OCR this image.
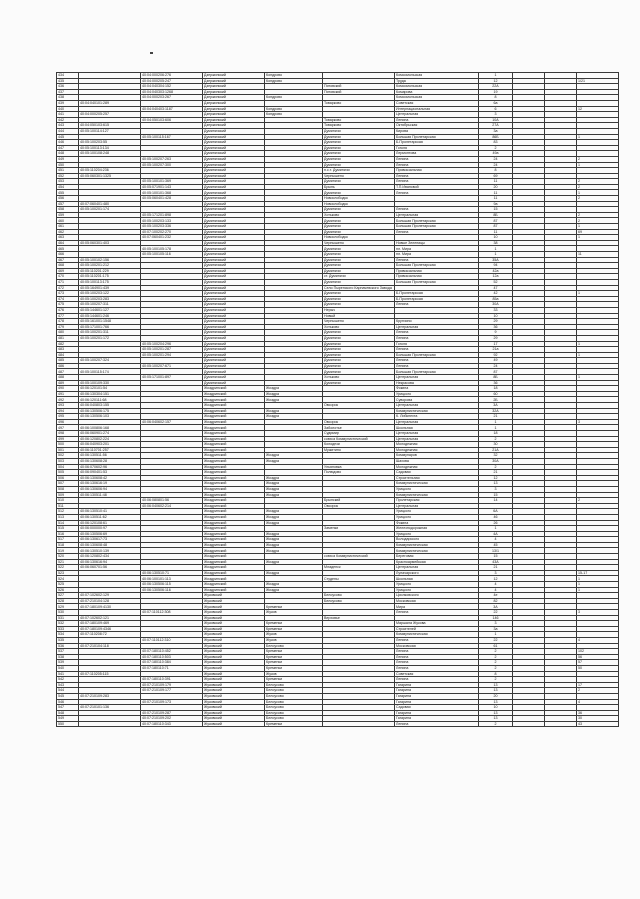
434		40:04:000206:276	Дзержинский	Кондрово		Комсомольская	1			
435		40:04:000205:247	Дзержинский	Кондрово		Труда	12			1/21
436		40:04:040304:152	Дзержинский		Пятовский	Комсомольская	22А			
437		40:04:040303:1268	Дзержинский		Пятовский	Комарова	19			
438		40:04:000203:267	Дзержинский	Кондрово		Комсомольская	8			
439	40:04:040101:289		Дзержинский		Товарково	Советская	6а			
440		40:04:040403:1187	Дзержинский	Кондрово		Интернациональная	6			12
441	40:04:000205:257		Дзержинский	Кондрово		Центральная	3			
442		40:04:050103:606	Дзержинский		Товарково	Ленина	10А			
443	40:04:050103:615		Дзержинский		Товарково	Октябрьская	27А			
444	40:05:100114:127		Думиничский		Думиничи	Кирова	3а			
445		40:05:100115:167	Думиничский		Думиничи	Большая Пролетарская	86Б			1
446	40:05:100203:55		Думиничский		Думиничи	Б.Пролетарская	83			
447	40:05:100113:134		Думиничский		Думиничи	Гоголя	2			
448	40:05:100108:248		Думиничский		Думиничи	Лермонтова	49а			
449		40:05:100207:263	Думиничский		Думиничи	Ленина	24			2
450		40:05:100207:300	Думиничский		Думиничи	Ленина	24			1
451	40:05:110204:236		Думиничский		п.с.т. Думиничи	Привокзальная	8			
452	40:05:060301:1325		Думиничский		Чернышено	Ленина	69			
453		40:05:100101:369	Думиничский		Думиничи	Ленина	11			2
454		40:05:071901:143	Думиничский		Брынь	Т.П.Ивановой	20			2
455		40:05:100101:368	Думиничский		Думиничи	Ленина	11			1
456		40:05:060401:428	Думиничский		Новослободск		11			2
457	40:07:060401:480		Думиничский		Новослободск		9а			
458	40:05:100201:174		Думиничский		Думиничи	Ленина	15			
459		40:05:171201:898	Думиничский		Хотьково	Центральная	8Б			2
460		40:05:100203:133	Думиничский		Думиничи	Большая Пролетарская	87			2
461		40:05:100203:336	Думиничский		Думиничи	Большая Пролетарская	87			1
462		40:07:100202:270	Думиничский		Думиничи	Ленина	11			69
463		40:07:060401:232	Думиничский		Новослободск		10			1
464	40:05:060301:403		Думиничский		Чернышено	Новые Зеленицы	38			
465		40:05:100105:178	Думиничский		Думиничи	пл. Мира	1			
466		40:05:100105:116	Думиничский		Думиничи	пл. Мира	1			11
467	40:05:100102:156		Думиничский		Думиничи	Ленина	35А			
468	40:05:100201:212		Думиничский		Думиничи	Большая Пролетарская	94			
469	40:05:110201:229		Думиничский		Думиничи	Привокзальная	42а			
470	40:05:110201:175		Думиничский		ст. Думиничи	Привокзальная	12а			
471	40:05:100113:175		Думиничский		Думиничи	Большая Пролетарская	52			
472	40:05:164901:439		Думиничский		Село Пыренского Карначевского Завода		47			
473	40:05:100203:122		Думиничский		Думиничи	Б.Пролетарская	42			1
474	40:05:100203:283		Думиничский		Думиничи	Б.Пролетарская	85а			
475	40:05:100207:311		Думиничский		Думиничи	Ленина	30А			
476	40:05:144601:127		Думиничский		Нерыч		33			
477	40:05:144601:246		Думиничский		Новый		10			
478	40:05:161001:1548		Думиничский		Чернышено	Крупчино	29			
479	40:05:171001:766		Думиничский		Хотьково	Центральная	36			
480	40:05:100201:311		Думиничский		Думиничи	Ленина	9			
481	40:05:100201:172		Думиничский		Думиничи	Ленина	29			
482		40:05:100204:296	Думиничский		Думиничи	Гоголя	17			1
483		40:05:100201:287	Думиничский		Думиничи	Ленина	21а			
484		40:05:100201:294	Думиничский		Думиничи	Большая Пролетарская	92			1
485	40:05:100207:324		Думиничский		Думиничи	Ленина	49			
486		40:05:100207:671	Думиничский		Думиничи	Ленина	24			
487	40:05:100115:174		Думиничский		Думиничи	Большая Пролетарская	87			
488		40:05:171001:897	Думиничский		Хотьково	Центральная	8Б			1
489	40:05:100109:330		Думиничский		Думиничи	Некрасова	36			
490	40:06:120101:54		Жиздринский	Жиздра		Фокина	18			
491	40:06:130304:151		Жиздринский	Жиздра		Урицкого	60			
492	40:06:120111:68		Жиздринский	Жиздра		Суворова	2Б			
493	40:06:040803:155		Жиздринский		Овсорок	Центральная	3А			
494	40:06:130506:175		Жиздринский	Жиздра		Коммунистическая	32А			
495	40:06:130506:103		Жиздринский	Жиздра		К. Либкнехта	21			
496		40:06:040602:157	Жиздринский		Овсорок	Центральная	1			3
497	40:06:100806:168		Жиздринский		Заболотье	Школьная	1			
498	40:06:060901:274		Жиздринский		Судимир	Центральная	18			
499	40:06:120802:224		Жиздринский		совхоз Коммунистический	Центральная	2			
500	40:06:040903:201		Жиздринский		Колодези	Молодежная	30			
501	40:06:110701:257		Жиздринский		Мужитино	Молодежная	21А			
502	40:06:130511:56		Жиздринский	Жиздра		Коммунаров	32			
503	40:06:130608:28		Жиздринский	Жиздра		Шахова	30А			
504	40:06:070602:96		Жиздринский		Ульяновка	Молодежная	2			
505	40:06:090401:53		Жиздринский		Полюдово	Садовая	21			
506	40:06:130608:42		Жиздринский	Жиздра		Строительная	12			
507	40:06:130616:19		Жиздринский	Жиздра		Коммунистическая	13			
508	40:06:130606:94		Жиздринский	Жиздра		Урицкого	3			
509	40:06:130511:48		Жиздринский	Жиздра		Коммунистическая	15			
510		40:06:080801:56	Жиздринский		Брынский	Пролетарская	14			2
511		40:06:040602:214	Жиздринский		Овсорок	Центральная				
512	40:06:130510:41		Жиздринский	Жиздра		Урицкого	6А			
513	40:06:130511:62		Жиздринский	Жиздра		Урицкого	46			
514	40:06:120108:61		Жиздринский	Жиздра		Фокина	26			
515	40:06:000000:97		Жиздринский		Заменки	Железнодорожная	1			
516	40:06:130506:69		Жиздринский	Жиздра		Урицкого	4А			
517	40:06:130617:73		Жиздринский	Жиздра		Володарского	4			
518	40:06:130608:48		Жиздринский	Жиздра		Коммунистическая	45			
519	40:06:130510:139		Жиздринский	Жиздра		Коммунистическая	13/1			
520	40:06:120802:434		Жиздринский		совхоз Коммунистический	Береговая	15			
521	40:06:130616:94		Жиздринский	Жиздра		Красноармейская	43А			
522	40:06:060701:56		Жиздринский		Младенск	Центральная	21			
523		40:06:130510:71	Жиздринский	Жиздра		Луначарского	3			15-17
524		40:06:100101:113	Жиздринский		Студены	Школьная	12			1
525		40:06:130506:115	Жиздринский	Жиздра		Урицкого	4			1
526		40:06:130506:116	Жиздринский	Жиздра		Урицкого	4			1
527	40:07:102602:129		Жуковский		Белоусово	Циолковского	4е			
528	40:07:210104:128		Жуковский		Белоусово	Московская	82			
529	40:07:180109:4130		Жуковский	Кременки		Мира	3А			
530		40:07:110112:308	Жуковский	Жуков		Ленина	22			3
531	40:07:102602:121		Жуковский		Верховье		146			
532	40:07:180109:469		Жуковский	Кременки		Маршала Жукова	3			
533	40:07:180109:4346		Жуковский	Кременки		Строителей	3а			
534	40:07:110208:72		Жуковский	Жуков		Коммунистическая	1			
535		40:07:110112:310	Жуковский	Жуков		Ленина	22			4
536	40:07:210104:118		Жуковский	Белоусово		Московская	61			
537		40:07:180110:452	Жуковский	Кременки		Ленина	2			102
538		40:07:180110:503	Жуковский	Кременки		Ленина	2			56
539		40:07:180110:384	Жуковский	Кременки		Ленина	2			57
540		40:07:180110:71	Жуковский	Кременки		Ленина	2			50
541	40:07:110205:115		Жуковский	Жуков		Советская	8			
542		40:07:180110:391	Жуковский	Кременки		Ленина	2			
543		40:07:210109:179	Жуковский	Белоусово		Гагарина	13			17
544		40:07:210109:177	Жуковский	Белоусово		Гагарина	13			2
545	40:07:210109:283		Жуковский	Белоусово		Гагарина	20			
546		40:07:210109:173	Жуковский	Белоусово		Гагарина	13			4
547	40:07:210101:136		Жуковский	Белоусово		Садовая	10			
548		40:07:210109:287	Жуковский	Белоусово		Гагарина	13			36
549		40:07:210109:202	Жуковский	Белоусово		Гагарина	13			30
550		40:07:180110:343	Жуковский	Кременки		Ленина	2			43
